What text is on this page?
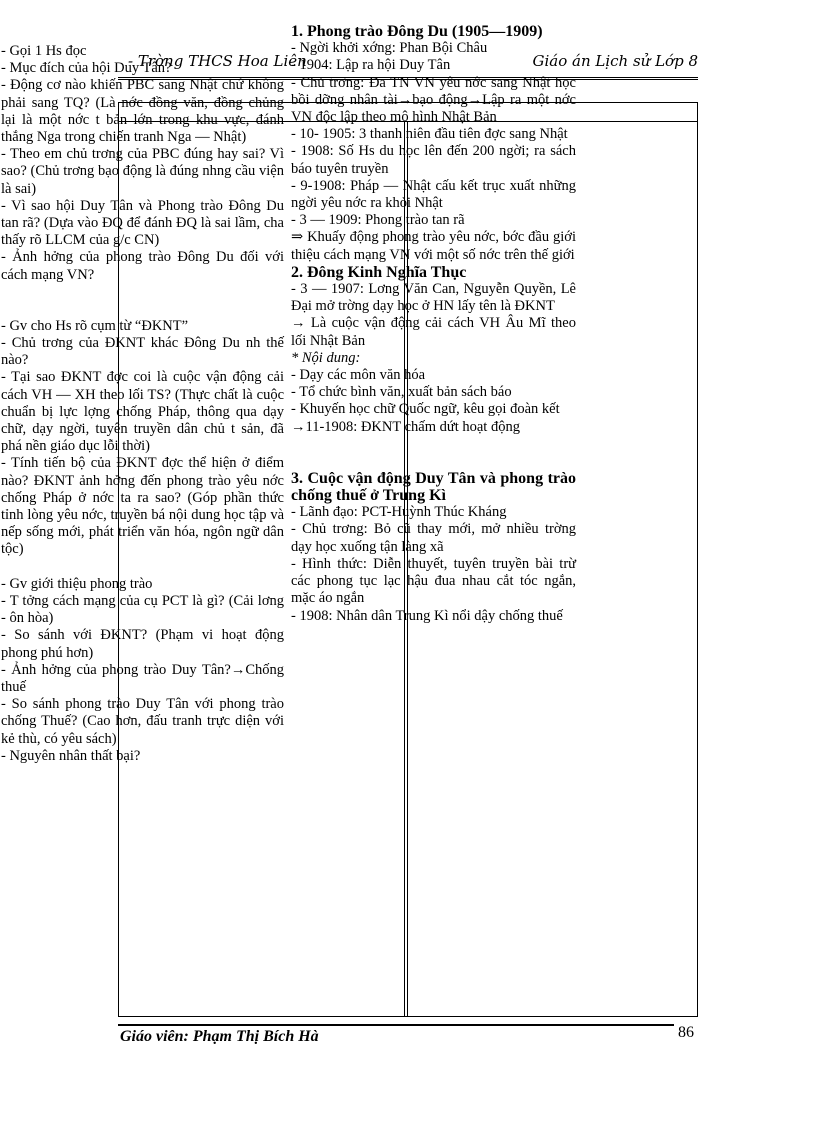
- Trờng THCS Hoa Liên	Giáo án Lịch sử Lớp 8

- Gọi 1 Hs đọc

- Mục đích của hội Duy Tân?

- Động cơ nào khiến PBC sang Nhật chứ không phải sang TQ? (Là nớc đồng văn, đồng chủng lại là một nớc t bản lớn trong khu vực, đánh thắng Nga trong chiến tranh Nga — Nhật)

- Theo em chủ trơng của PBC đúng hay sai? Vì sao? (Chủ trơng bạo động là đúng nhng cầu viện là sai)

- Vì sao hội Duy Tân và Phong trào Đông Du tan rã? (Dựa vào ĐQ để đánh ĐQ là sai lầm, cha thấy rõ LLCM của g/c CN)

- Ảnh hởng của phong trào Đông Du đối với cách mạng VN?

- Gv cho Hs rõ cụm từ “ĐKNT”

- Chủ trơng của ĐKNT khác Đông Du nh thế nào?

- Tại sao ĐKNT đợc coi là cuộc vận động cải cách VH — XH theo lối TS? (Thực chất là cuộc chuẩn bị lực lợng chống Pháp, thông qua dạy chữ, dạy ngời, tuyên truyền dân chủ t sản, đã phá nền giáo dục lỗi thời)

- Tính tiến bộ của ĐKNT đợc thể hiện ở điểm nào? ĐKNT ảnh hởng đến phong trào yêu nớc chống Pháp ở nớc ta ra sao? (Góp phần thức tỉnh lòng yêu nớc, truyền bá nội dung học tập và nếp sống mới, phát triển văn hóa, ngôn ngữ dân tộc)

- Gv giới thiệu phong trào

- T tởng cách mạng của cụ PCT là gì? (Cải lơng - ôn hòa)

- So sánh với ĐKNT? (Phạm vi hoạt động phong phú hơn)

- Ảnh hởng của phong trào Duy Tân?→Chống thuế

- So sánh phong trào Duy Tân với phong trào chống Thuế? (Cao hơn, đấu tranh trực diện với kẻ thù, có yêu sách)

- Nguyên nhân thất bại?

1. Phong trào Đông Du (1905—1909)

- Ngời khởi xớng: Phan Bội Châu

- 1904: Lập ra hội Duy Tân

- Chủ trơng: Đa TN VN yêu nớc sang Nhật học bồi dỡng nhân tài→bạo động→Lập ra một nớc VN độc lập theo mô hình Nhật Bản

- 10- 1905: 3 thanh niên đầu tiên đợc sang Nhật

- 1908: Số Hs du học lên đến 200 ngời; ra sách báo tuyên truyền

- 9-1908: Pháp — Nhật cấu kết trục xuất những ngời yêu nớc ra khỏi Nhật

- 3 — 1909: Phong trào tan rã

⇒ Khuấy động phong trào yêu nớc, bớc đầu giới thiệu cách mạng VN với một số nớc trên thế giới

2. Đông Kinh Nghĩa Thục

- 3 — 1907: Lơng Văn Can, Nguyễn Quyền, Lê Đại mở trờng dạy học ở HN lấy tên là ĐKNT

→ Là cuộc vận động cải cách VH Âu Mĩ theo lối Nhật Bản

* Nội dung:

- Dạy các môn văn hóa

- Tổ chức bình văn, xuất bản sách báo

- Khuyến học chữ Quốc ngữ, kêu gọi đoàn kết

→11-1908: ĐKNT chấm dứt hoạt động

3. Cuộc vận động Duy Tân và phong trào chống thuế ở Trung Kì

- Lãnh đạo: PCT-Huỳnh Thúc Kháng

- Chủ trơng: Bỏ cũ thay mới, mở nhiều trờng dạy học xuống tận làng xã

- Hình thức: Diễn thuyết, tuyên truyền bài trừ các phong tục lạc hậu đua nhau cắt tóc ngắn, mặc áo ngắn

- 1908: Nhân dân Trung Kì nổi dậy chống thuế

Giáo viên: Phạm Thị Bích Hà	86
